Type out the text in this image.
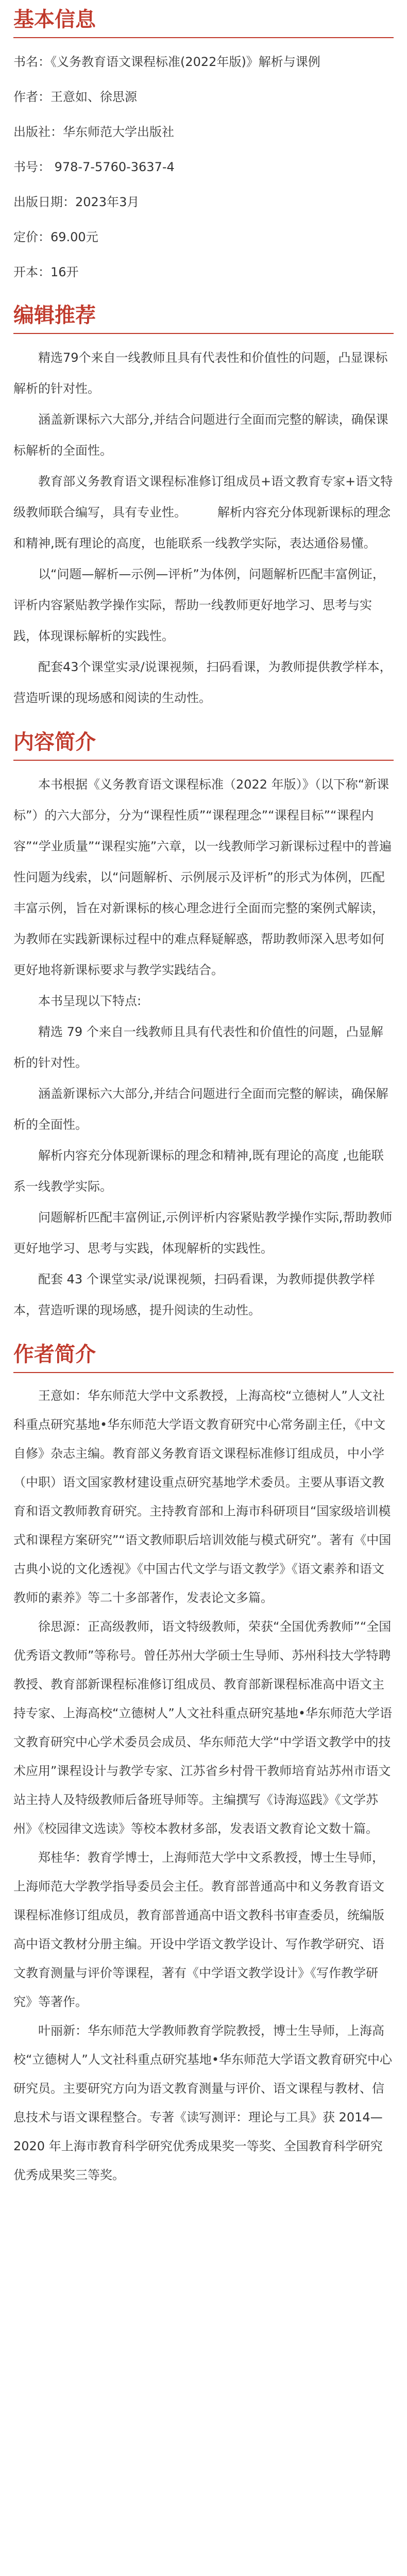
基本信息
书名：《义务教育语文课程标准(2022年版)》解析与课例
作者：王意如、徐思源
出版社：华东师范大学出版社
书号： 978-7-5760-3637-4
出版日期：2023年3月
定价：69.00元
开本：16开
编辑推荐

精选79个来自一线教师且具有代表性和价值性的问题，凸显课标解析的针对性。

涵盖新课标六大部分,并结合问题进行全面而完整的解读，确保课标解析的全面性。

教育部义务教育语文课程标准修订组成员+语文教育专家+语文特级教师联合编写，具有专业性。　　　解析内容充分体现新课标的理念和精神,既有理论的高度，也能联系一线教学实际，表达通俗易懂。

以“问题—解析—示例—评析”为体例，问题解析匹配丰富例证，评析内容紧贴教学操作实际，帮助一线教师更好地学习、思考与实践，体现课标解析的实践性。

配套43个课堂实录/说课视频，扫码看课，为教师提供教学样本，营造听课的现场感和阅读的生动性。

内容简介

本书根据《义务教育语文课程标准（2022 年版）》（以下称“新课标”）的六大部分，分为“课程性质”“课程理念”“课程目标”“课程内容”“学业质量”“课程实施”六章，以一线教师学习新课标过程中的普遍性问题为线索，以“问题解析、示例展示及评析”的形式为体例，匹配丰富示例，旨在对新课标的核心理念进行全面而完整的案例式解读，为教师在实践新课标过程中的难点释疑解惑，帮助教师深入思考如何更好地将新课标要求与教学实践结合。

本书呈现以下特点:

精选 79 个来自一线教师且具有代表性和价值性的问题，凸显解析的针对性。

涵盖新课标六大部分,并结合问题进行全面而完整的解读，确保解析的全面性。

解析内容充分体现新课标的理念和精神,既有理论的高度 ,也能联系一线教学实际。

问题解析匹配丰富例证,示例评析内容紧贴教学操作实际,帮助教师更好地学习、思考与实践，体现解析的实践性。

配套 43 个课堂实录/说课视频，扫码看课，为教师提供教学样本，营造听课的现场感，提升阅读的生动性。

作者简介

王意如：华东师范大学中文系教授，上海高校“立德树人”人文社科重点研究基地•华东师范大学语文教育研究中心常务副主任，《中文自修》杂志主编。教育部义务教育语文课程标准修订组成员，中小学（中职）语文国家教材建设重点研究基地学术委员。主要从事语文教育和语文教师教育研究。主持教育部和上海市科研项目“国家级培训模式和课程方案研究”“语文教师职后培训效能与模式研究”。著有《中国古典小说的文化透视》《中国古代文学与语文教学》《语文素养和语文教师的素养》等二十多部著作，发表论文多篇。

徐思源：正高级教师，语文特级教师，荣获“全国优秀教师”“全国优秀语文教师”等称号。曾任苏州大学硕士生导师、苏州科技大学特聘教授、教育部新课程标准修订组成员、教育部新课程标准高中语文主持专家、上海高校“立德树人”人文社科重点研究基地•华东师范大学语文教育研究中心学术委员会成员、华东师范大学“中学语文教学中的技术应用”课程设计与教学专家、江苏省乡村骨干教师培育站苏州市语文站主持人及特级教师后备班导师等。主编撰写《诗海巡践》《文学苏州》《校园律文选读》等校本教材多部，发表语文教育论文数十篇。

郑桂华：教育学博士，上海师范大学中文系教授，博士生导师，上海师范大学教学指导委员会主任。教育部普通高中和义务教育语文课程标准修订组成员，教育部普通高中语文教科书审查委员，统编版高中语文教材分册主编。开设中学语文教学设计、写作教学研究、语文教育测量与评价等课程，著有《中学语文教学设计》《写作教学研究》等著作。

叶丽新：华东师范大学教师教育学院教授，博士生导师，上海高校“立德树人”人文社科重点研究基地•华东师范大学语文教育研究中心研究员。主要研究方向为语文教育测量与评价、语文课程与教材、信息技术与语文课程整合。专著《读写测评：理论与工具》获 2014—2020 年上海市教育科学研究优秀成果奖一等奖、全国教育科学研究优秀成果奖三等奖。
